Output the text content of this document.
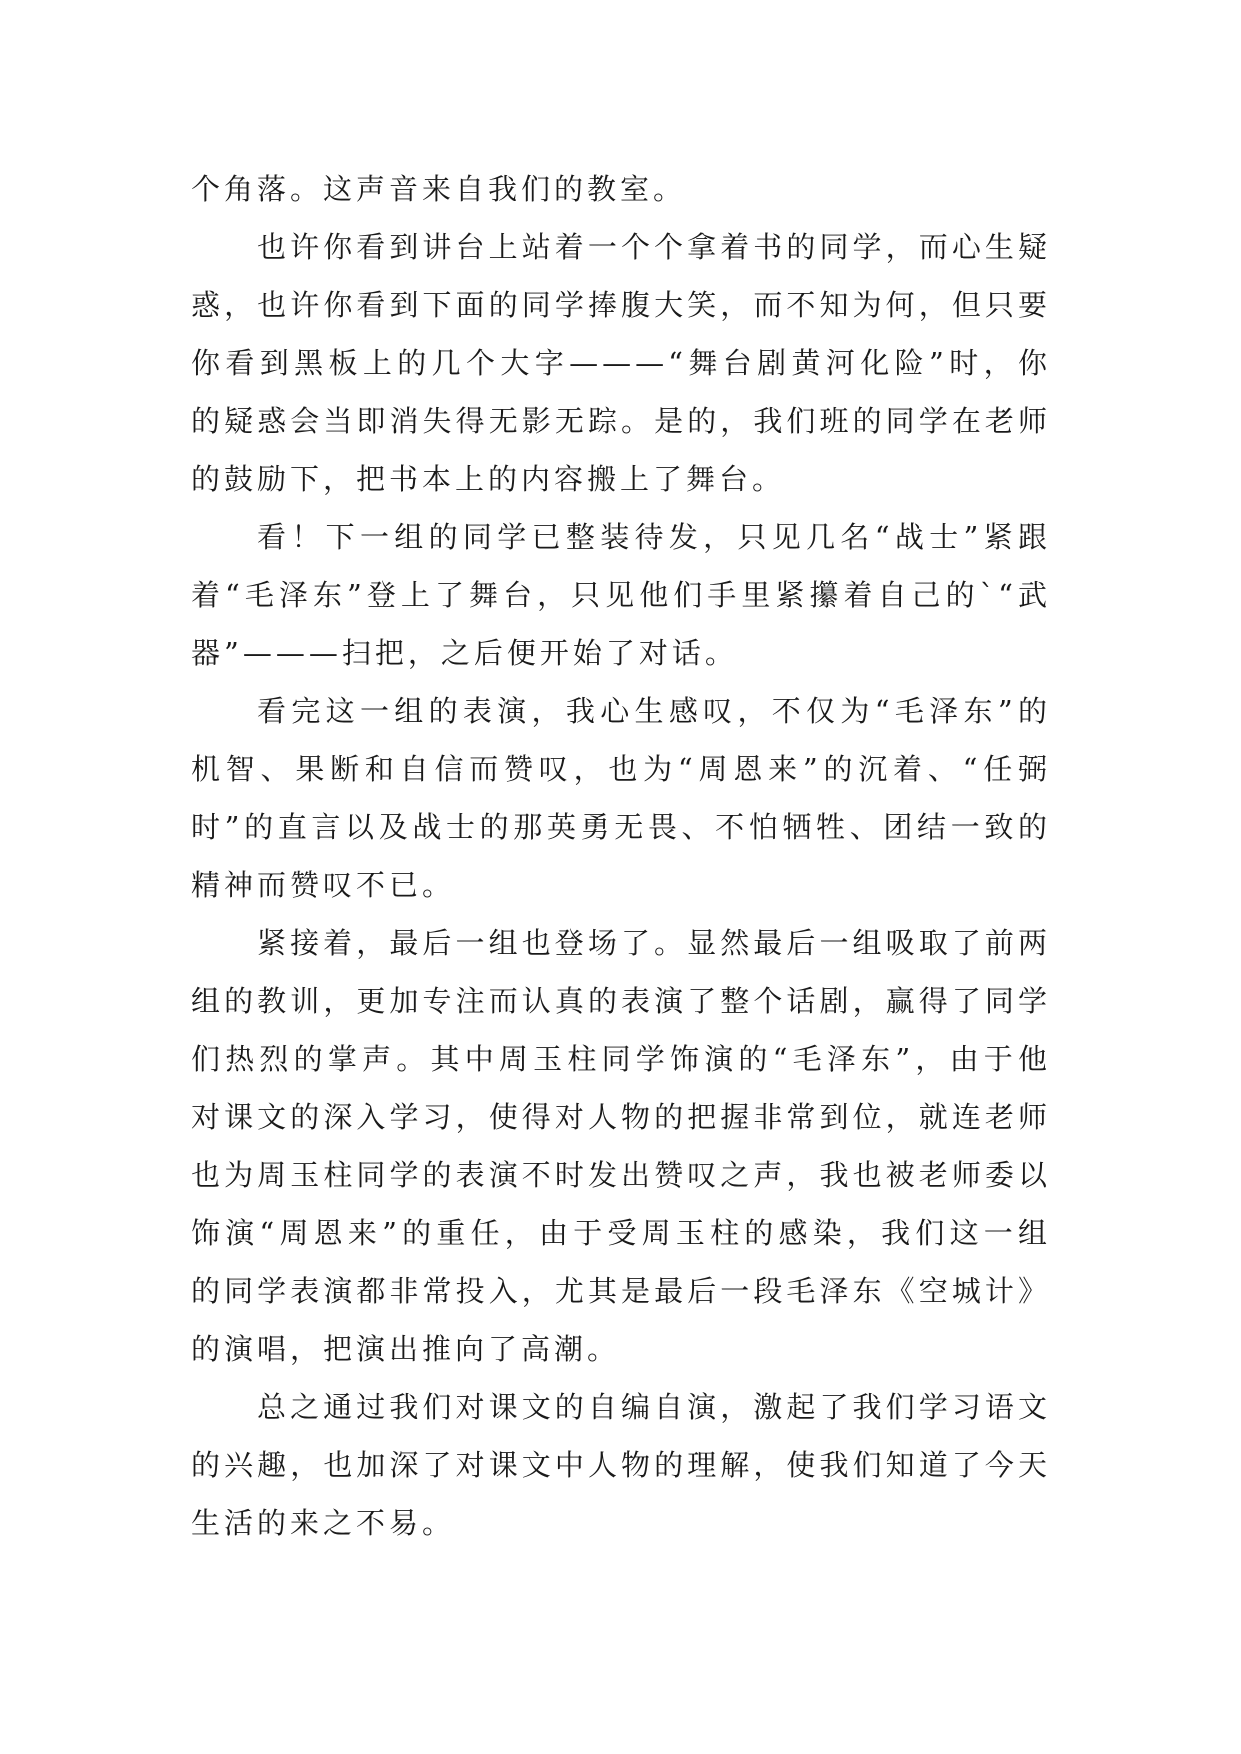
个角落。这声音来自我们的教室。

也许你看到讲台上站着一个个拿着书的同学，而心生疑惑，也许你看到下面的同学捧腹大笑，而不知为何，但只要你看到黑板上的几个大字———“舞台剧黄河化险”时，你的疑惑会当即消失得无影无踪。是的，我们班的同学在老师的鼓励下，把书本上的内容搬上了舞台。

看！下一组的同学已整装待发，只见几名“战士”紧跟着“毛泽东”登上了舞台，只见他们手里紧攥着自己的`“武器”———扫把，之后便开始了对话。

看完这一组的表演，我心生感叹，不仅为“毛泽东”的机智、果断和自信而赞叹，也为“周恩来”的沉着、“任弼时”的直言以及战士的那英勇无畏、不怕牺牲、团结一致的精神而赞叹不已。

紧接着，最后一组也登场了。显然最后一组吸取了前两组的教训，更加专注而认真的表演了整个话剧，赢得了同学们热烈的掌声。其中周玉柱同学饰演的“毛泽东”，由于他对课文的深入学习，使得对人物的把握非常到位，就连老师也为周玉柱同学的表演不时发出赞叹之声，我也被老师委以饰演“周恩来”的重任，由于受周玉柱的感染，我们这一组的同学表演都非常投入，尤其是最后一段毛泽东《空城计》的演唱，把演出推向了高潮。

总之通过我们对课文的自编自演，激起了我们学习语文的兴趣，也加深了对课文中人物的理解，使我们知道了今天生活的来之不易。
